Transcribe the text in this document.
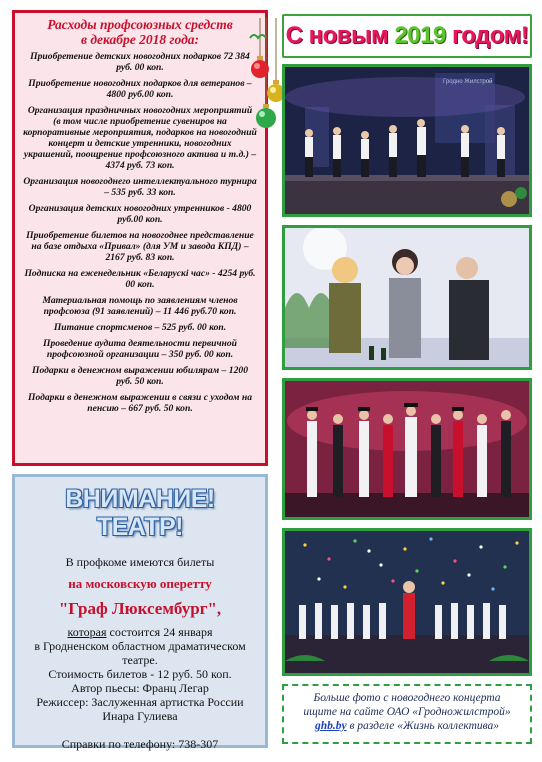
Расходы профсоюзных средств
в декабре 2018 года:
Приобретение детских новогодних подарков 72 384 руб. 00 коп.
Приобретение новогодних подарков для ветеранов – 4800 руб.00 коп.
Организация праздничных новогодних мероприятий (в том числе приобретение сувениров на корпоративные мероприятия, подарков на новогодний концерт и детские утренники, новогодних украшений, поощрение профсоюзного актива и т.д.) – 4374 руб. 73 коп.
Организация новогоднего интеллектуального турнира – 535 руб. 33 коп.
Организация детских новогодних утренников - 4800 руб.00 коп.
Приобретение билетов на новогоднее представление на базе отдыха «Привал» (для УМ и завода КПД) – 2167 руб. 83 коп.
Подписка на еженедельник «Беларускі час» - 4254 руб. 00 коп.
Материальная помощь по заявлениям членов профсоюза (91 заявлений) – 11 446 руб.70 коп.
Питание спортсменов – 525 руб. 00 коп.
Проведение аудита деятельности первичной профсоюзной организации – 350 руб. 00 коп.
Подарки в денежном выражении юбилярам – 1200 руб. 50 коп.
Подарки в денежном выражении в связи с уходом на пенсию – 667 руб. 50 коп.
ВНИМАНИЕ! ТЕАТР!
В профкоме имеются билеты
на московскую оперетту
"Граф Люксембург",
которая состоится 24 января
в Гродненском областном драматическом театре.
Стоимость билетов - 12 руб. 50 коп.
Автор пьесы: Франц Легар
Режиссер: Заслуженная артистка России
Инара Гулиева
Справки по телефону: 738-307
С новым 2019 годом!
Гродно Жилстрой
Больше фото с новогоднего концерта
ищите на сайте ОАО «Гродножилстрой»
ghb.by в разделе «Жизнь коллектива»
